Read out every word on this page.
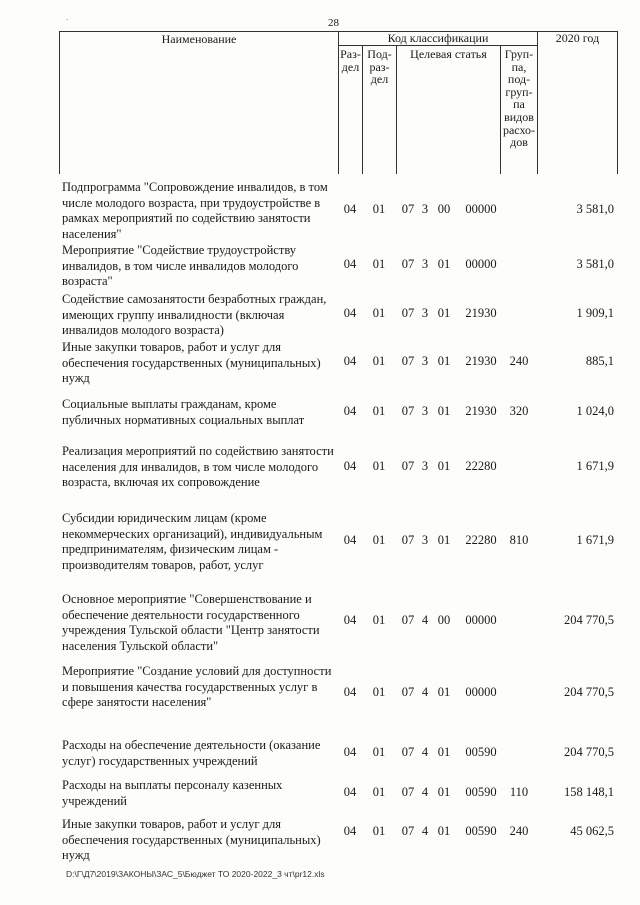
.	28
Наименование	Код классификации	2020 год
Раз-
дел
Под-
раз-
дел
Целевая статья	Груп-
па,
под-
груп-
па
видов
расхо-
дов
Подпрограмма "Сопровождение инвалидов, в том числе молодого возраста, при трудоустройстве в рамках мероприятий по содействию занятости населения"
04	01	07 3 00	00000	3 581,0
Мероприятие "Содействие трудоустройству инвалидов, в том числе инвалидов молодого возраста"
04	01	07 3 01	00000	3 581,0
Содействие самозанятости безработных граждан, имеющих группу инвалидности (включая инвалидов молодого возраста)
04	01	07 3 01	21930	1 909,1
Иные закупки товаров, работ и услуг для обеспечения государственных (муниципальных) нужд
04	01	07 3 01	21930	240	885,1
Социальные выплаты гражданам, кроме публичных нормативных социальных выплат
04	01	07 3 01	21930	320	1 024,0
Реализация мероприятий по содействию занятости населения для инвалидов, в том числе молодого возраста, включая их сопровождение
04	01	07 3 01	22280	1 671,9
Субсидии юридическим лицам (кроме некоммерческих организаций), индивидуальным предпринимателям, физическим лицам - производителям товаров, работ, услуг
04	01	07 3 01	22280	810	1 671,9
Основное мероприятие "Совершенствование и обеспечение деятельности государственного учреждения Тульской области "Центр занятости населения Тульской области"
04	01	07 4 00	00000	204 770,5
Мероприятие "Создание условий для доступности и повышения качества государственных услуг в сфере занятости населения"
04	01	07 4 01	00000	204 770,5
Расходы на обеспечение деятельности (оказание услуг) государственных учреждений
04	01	07 4 01	00590	204 770,5
Расходы на выплаты персоналу казенных учреждений
04	01	07 4 01	00590	110	158 148,1
Иные закупки товаров, работ и услуг для обеспечения государственных (муниципальных) нужд
04	01	07 4 01	00590	240	45 062,5
D:\Г\Д7\2019\ЗАКОНЫ\ЗАС_5\Бюджет ТО 2020-2022_3 чт\pr12.xls
